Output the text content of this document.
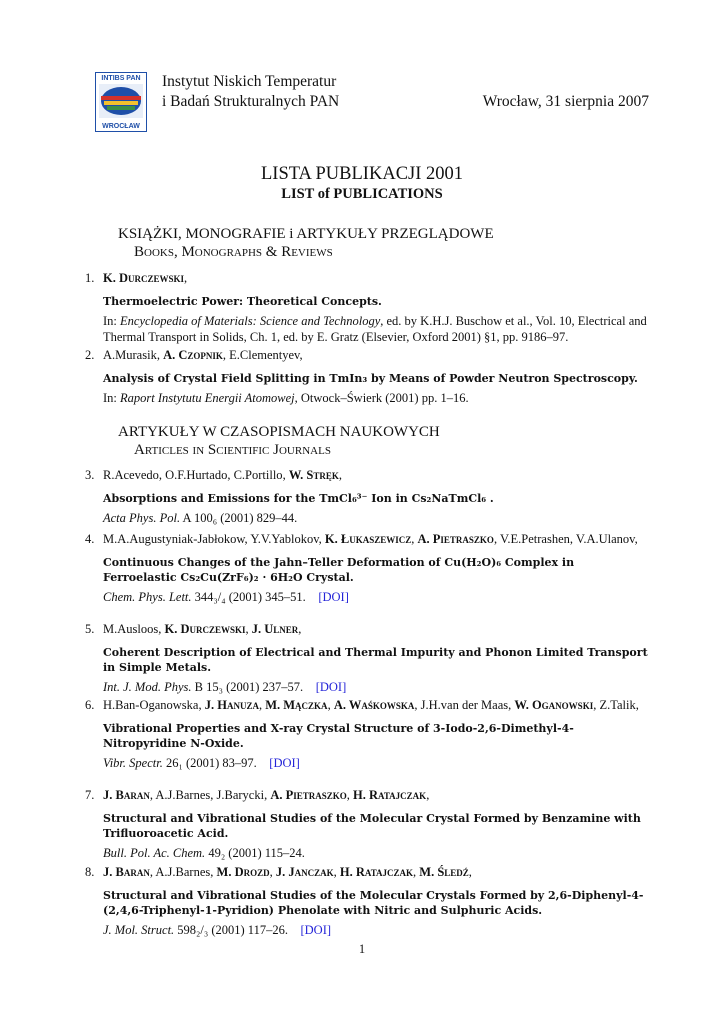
INTIBS PAN
WROCŁAW
Instytut Niskich Temperatur
i Badań Strukturalnych PAN	Wrocław, 31 sierpnia 2007
LISTA PUBLIKACJI 2001
LIST of PUBLICATIONS
KSIĄŻKI, MONOGRAFIE i ARTYKUŁY PRZEGLĄDOWE
Books, Monographs & Reviews
1. K. Durczewski,
Thermoelectric Power: Theoretical Concepts.
In: Encyclopedia of Materials: Science and Technology, ed. by K.H.J. Buschow et al., Vol. 10, Electrical and Thermal Transport in Solids, Ch. 1, ed. by E. Gratz (Elsevier, Oxford 2001) §1, pp. 9186–97.
2. A.Murasik, A. Czopnik, E.Clementyev,
Analysis of Crystal Field Splitting in TmIn₃ by Means of Powder Neutron Spectroscopy.
In: Raport Instytutu Energii Atomowej, Otwock–Świerk (2001) pp. 1–16.
ARTYKUŁY W CZASOPISMACH NAUKOWYCH
Articles in Scientific Journals
3. R.Acevedo, O.F.Hurtado, C.Portillo, W. Stręk,
Absorptions and Emissions for the TmCl₆³⁻ Ion in Cs₂NaTmCl₆ .
Acta Phys. Pol. A 100₆ (2001) 829–44.
4. M.A.Augustyniak-Jabłokow, Y.V.Yablokov, K. Łukaszewicz, A. Pietraszko, V.E.Petrashen, V.A.Ulanov,
Continuous Changes of the Jahn–Teller Deformation of Cu(H₂O)₆ Complex in Ferroelastic Cs₂Cu(ZrF₆)₂ · 6H₂O Crystal.
Chem. Phys. Lett. 344₃/₄ (2001) 345–51.  [DOI]
5. M.Ausloos, K. Durczewski, J. Ulner,
Coherent Description of Electrical and Thermal Impurity and Phonon Limited Transport in Simple Metals.
Int. J. Mod. Phys. B 15₃ (2001) 237–57.  [DOI]
6. H.Ban-Oganowska, J. Hanuza, M. Mączka, A. Waśkowska, J.H.van der Maas, W. Oganowski, Z.Talik,
Vibrational Properties and X-ray Crystal Structure of 3-Iodo-2,6-Dimethyl-4-Nitropyridine N-Oxide.
Vibr. Spectr. 26₁ (2001) 83–97.  [DOI]
7. J. Baran, A.J.Barnes, J.Barycki, A. Pietraszko, H. Ratajczak,
Structural and Vibrational Studies of the Molecular Crystal Formed by Benzamine with Trifluoroacetic Acid.
Bull. Pol. Ac. Chem. 49₂ (2001) 115–24.
8. J. Baran, A.J.Barnes, M. Drozd, J. Janczak, H. Ratajczak, M. Śledź,
Structural and Vibrational Studies of the Molecular Crystals Formed by 2,6-Diphenyl-4-(2,4,6-Triphenyl-1-Pyridion) Phenolate with Nitric and Sulphuric Acids.
J. Mol. Struct. 598₂/₃ (2001) 117–26.  [DOI]
1
